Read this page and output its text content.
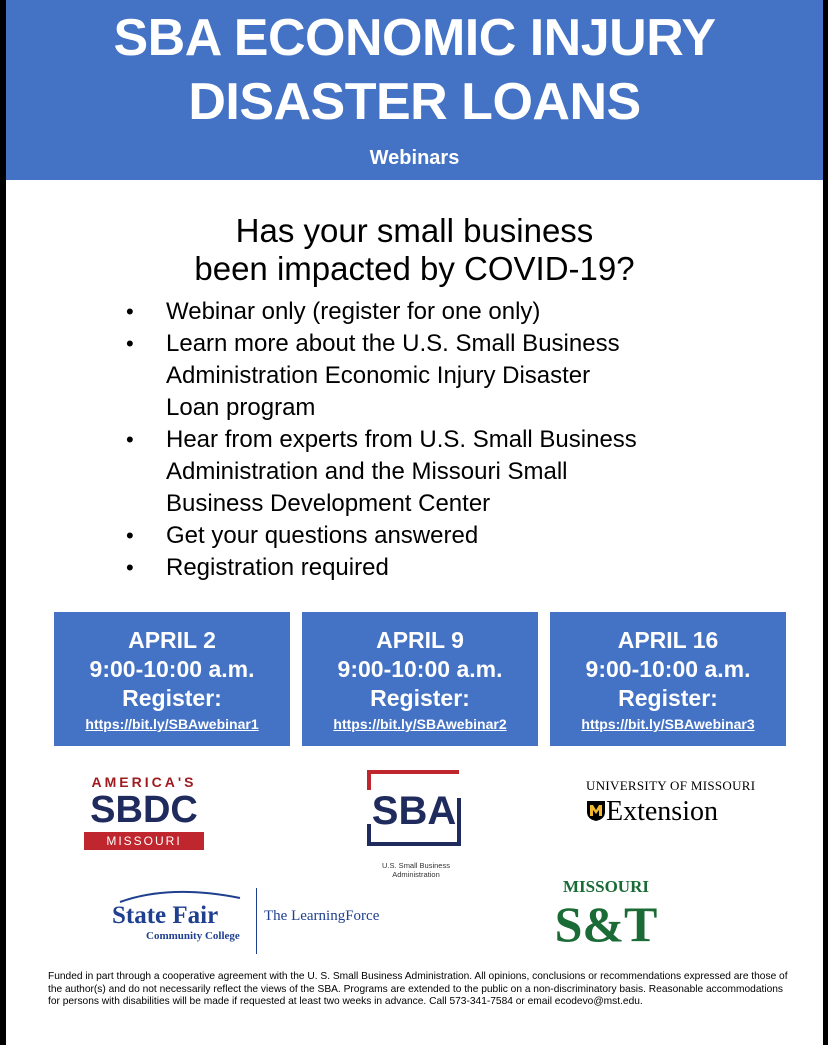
SBA ECONOMIC INJURY
DISASTER LOANS
Webinars
Has your small business
been impacted by COVID-19?
• Webinar only (register for one only)
• Learn more about the U.S. Small Business
Administration Economic Injury Disaster
Loan program
• Hear from experts from U.S. Small Business
Administration and the Missouri Small
Business Development Center
• Get your questions answered
• Registration required
APRIL 2
9:00-10:00 a.m.
Register:
https://bit.ly/SBAwebinar1
APRIL 9
9:00-10:00 a.m.
Register:
https://bit.ly/SBAwebinar2
APRIL 16
9:00-10:00 a.m.
Register:
https://bit.ly/SBAwebinar3
AMERICA'S
SBDC
MISSOURI
SBA
U.S. Small Business
Administration
UNIVERSITY OF MISSOURI
Extension
State Fair
Community College
The LearningForce
MISSOURI
S&T
Funded in part through a cooperative agreement with the U. S. Small Business Administration. All opinions, conclusions or recommendations expressed are those of the author(s) and do not necessarily reflect the views of the SBA. Programs are extended to the public on a non-discriminatory basis. Reasonable accommodations for persons with disabilities will be made if requested at least two weeks in advance. Call 573-341-7584 or email ecodevo@mst.edu.
